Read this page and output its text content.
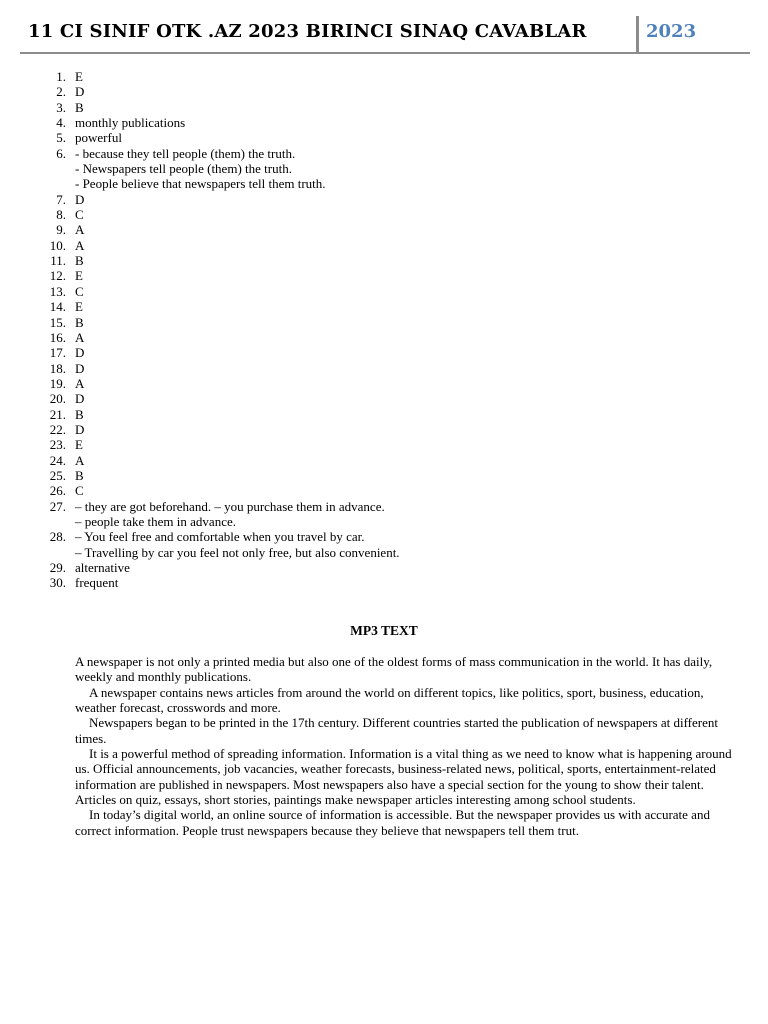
11 CI SINIF OTK .AZ 2023 BIRINCI SINAQ CAVABLAR	2023
1. E
2. D
3. B
4. monthly publications
5. powerful
6. - because they tell people (them) the truth.
- Newspapers tell people (them) the truth.
- People believe that newspapers tell them truth.
7. D
8. C
9. A
10. A
11. B
12. E
13. C
14. E
15. B
16. A
17. D
18. D
19. A
20. D
21. B
22. D
23. E
24. A
25. B
26. C
27. – they are got beforehand. – you purchase them in advance.
– people take them in advance.
28. – You feel free and comfortable when you travel by car.
– Travelling by car you feel not only free, but also convenient.
29. alternative
30. frequent
MP3 TEXT

A newspaper is not only a printed media but also one of the oldest forms of mass communication in the world. It has daily, weekly and monthly publications.

A newspaper contains news articles from around the world on different topics, like politics, sport, business, education, weather forecast, crosswords and more.

Newspapers began to be printed in the 17th century. Different countries started the publication of newspapers at different times.

It is a powerful method of spreading information. Information is a vital thing as we need to know what is happening around us. Official announcements, job vacancies, weather forecasts, business-related news, political, sports, entertainment-related information are published in newspapers. Most newspapers also have a special section for the young to show their talent. Articles on quiz, essays, short stories, paintings make newspaper articles interesting among school students.

In today’s digital world, an online source of information is accessible. But the newspaper provides us with accurate and correct information. People trust newspapers because they believe that newspapers tell them trut.
